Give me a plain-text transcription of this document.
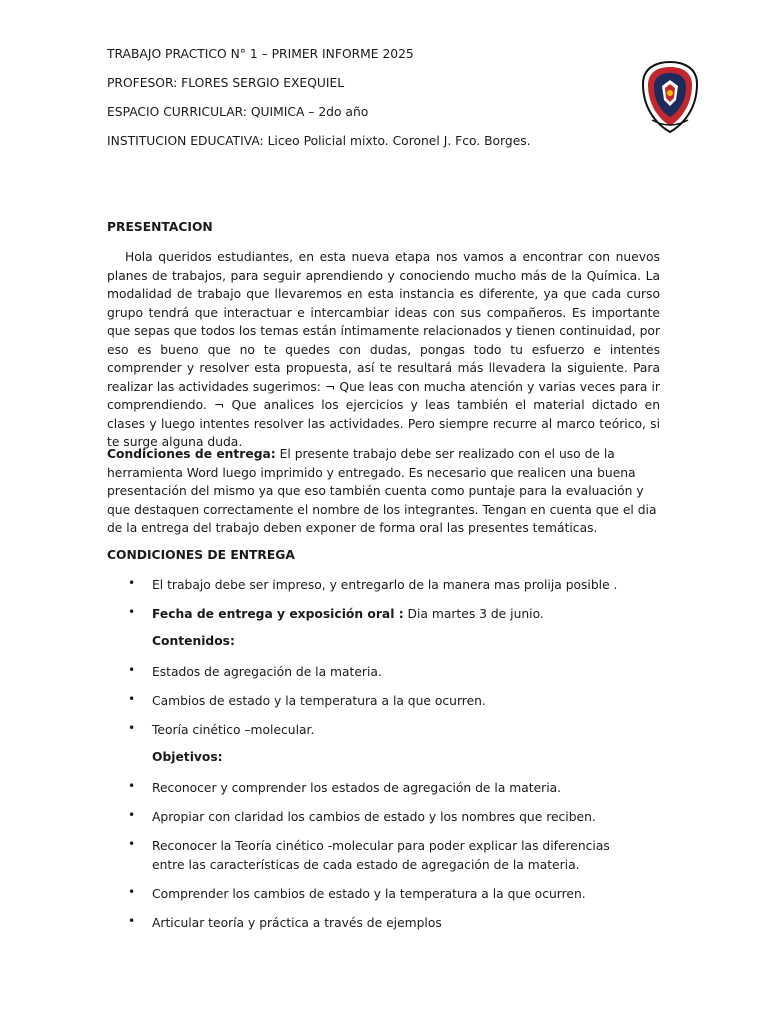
TRABAJO PRACTICO N° 1 – PRIMER INFORME 2025
PROFESOR: FLORES SERGIO EXEQUIEL
ESPACIO CURRICULAR: QUIMICA – 2do año
INSTITUCION EDUCATIVA: Liceo Policial mixto. Coronel J. Fco. Borges.
PRESENTACION

Hola queridos estudiantes, en esta nueva etapa nos vamos a encontrar con nuevos planes de trabajos, para seguir aprendiendo y conociendo mucho más de la Química. La modalidad de trabajo que llevaremos en esta instancia es diferente, ya que cada curso grupo tendrá que interactuar e intercambiar ideas con sus compañeros. Es importante que sepas que todos los temas están íntimamente relacionados y tienen continuidad, por eso es bueno que no te quedes con dudas, pongas todo tu esfuerzo e intentes comprender y resolver esta propuesta, así te resultará más llevadera la siguiente. Para realizar las actividades sugerimos: ¬ Que leas con mucha atención y varias veces para ir comprendiendo. ¬ Que analices los ejercicios y leas también el material dictado en clases y luego intentes resolver las actividades. Pero siempre recurre al marco teórico, si te surge alguna duda.

Condiciones de entrega: El presente trabajo debe ser realizado con el uso de la herramienta Word luego imprimido y entregado. Es necesario que realicen una buena presentación del mismo ya que eso también cuenta como puntaje para la evaluación y que destaquen correctamente el nombre de los integrantes. Tengan en cuenta que el dia de la entrega del trabajo deben exponer de forma oral las presentes temáticas.

CONDICIONES DE ENTREGA
• El trabajo debe ser impreso, y entregarlo de la manera mas prolija posible .
• Fecha de entrega y exposición oral : Dia martes 3 de junio.
Contenidos:
• Estados de agregación de la materia.
• Cambios de estado y la temperatura a la que ocurren.
• Teoría cinético –molecular.
Objetivos:
• Reconocer y comprender los estados de agregación de la materia.
• Apropiar con claridad los cambios de estado y los nombres que reciben.
• Reconocer la Teoría cinético -molecular para poder explicar las diferencias entre las características de cada estado de agregación de la materia.
• Comprender los cambios de estado y la temperatura a la que ocurren.
• Articular teoría y práctica a través de ejemplos
